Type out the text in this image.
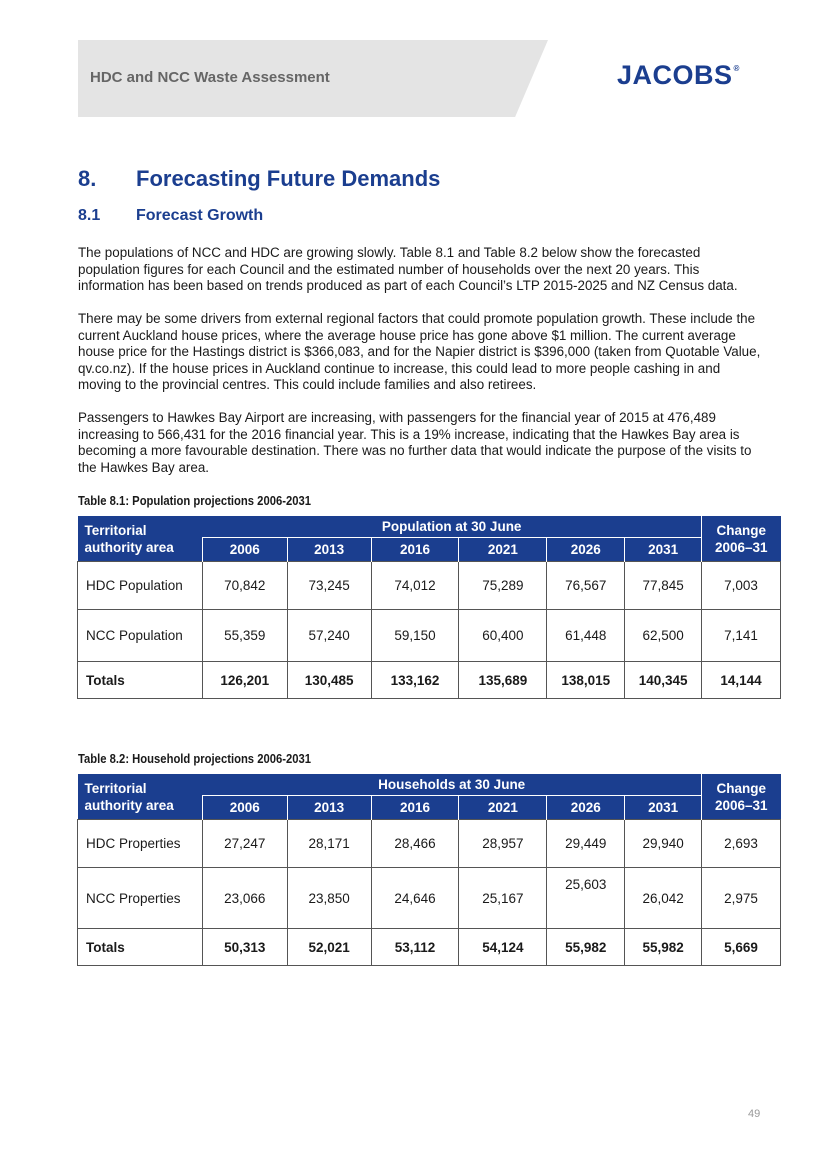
HDC and NCC Waste Assessment	JACOBS®
8. Forecasting Future Demands
8.1 Forecast Growth

The populations of NCC and HDC are growing slowly. Table 8.1 and Table 8.2 below show the forecasted population figures for each Council and the estimated number of households over the next 20 years. This information has been based on trends produced as part of each Council’s LTP 2015-2025 and NZ Census data.

There may be some drivers from external regional factors that could promote population growth. These include the current Auckland house prices, where the average house price has gone above $1 million. The current average house price for the Hastings district is $366,083, and for the Napier district is $396,000 (taken from Quotable Value, qv.co.nz). If the house prices in Auckland continue to increase, this could lead to more people cashing in and moving to the provincial centres. This could include families and also retirees.

Passengers to Hawkes Bay Airport are increasing, with passengers for the financial year of 2015 at 476,489 increasing to 566,431 for the 2016 financial year. This is a 19% increase, indicating that the Hawkes Bay area is becoming a more favourable destination. There was no further data that would indicate the purpose of the visits to the Hawkes Bay area.

Table 8.1: Population projections 2006-2031
Territorial authority area	Population at 30 June						Change 2006–31
	2006	2013	2016	2021	2026	2031	
HDC Population	70,842	73,245	74,012	75,289	76,567	77,845	7,003
NCC Population	55,359	57,240	59,150	60,400	61,448	62,500	7,141
Totals	126,201	130,485	133,162	135,689	138,015	140,345	14,144
Table 8.2: Household projections 2006-2031
Territorial authority area	Households at 30 June						Change 2006–31
	2006	2013	2016	2021	2026	2031	
HDC Properties	27,247	28,171	28,466	28,957	29,449	29,940	2,693
NCC Properties	23,066	23,850	24,646	25,167	25,603	26,042	2,975
Totals	50,313	52,021	53,112	54,124	55,982	55,982	5,669
49
